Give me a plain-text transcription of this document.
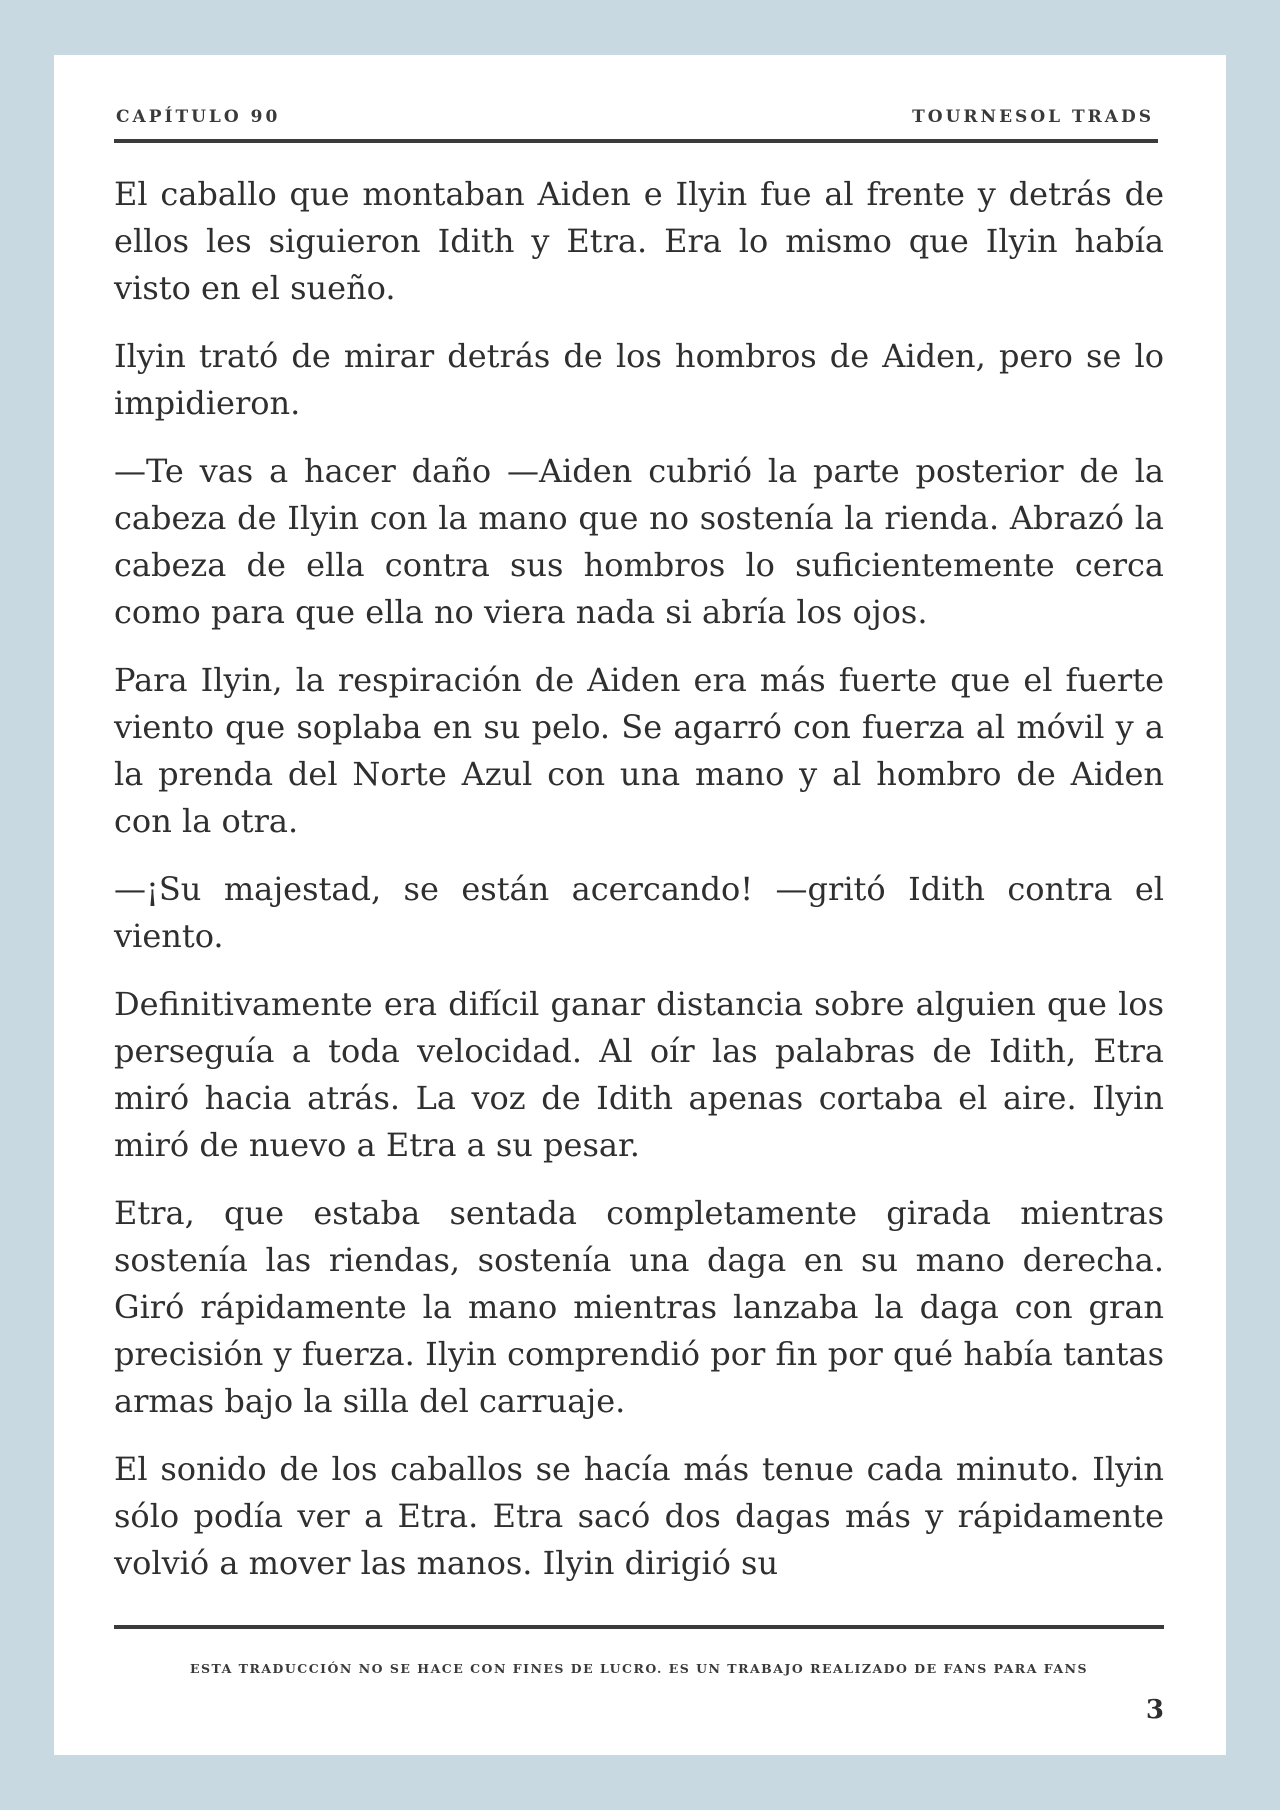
CAPÍTULO 90	TOURNESOL TRADS

El caballo que montaban Aiden e Ilyin fue al frente y detrás de ellos les siguieron Idith y Etra. Era lo mismo que Ilyin había visto en el sueño.

Ilyin trató de mirar detrás de los hombros de Aiden, pero se lo impidieron.

—Te vas a hacer daño —Aiden cubrió la parte posterior de la cabeza de Ilyin con la mano que no sostenía la rienda. Abrazó la cabeza de ella contra sus hombros lo suficientemente cerca como para que ella no viera nada si abría los ojos.

Para Ilyin, la respiración de Aiden era más fuerte que el fuerte viento que soplaba en su pelo. Se agarró con fuerza al móvil y a la prenda del Norte Azul con una mano y al hombro de Aiden con la otra.

—¡Su majestad, se están acercando! —gritó Idith contra el viento.

Definitivamente era difícil ganar distancia sobre alguien que los perseguía a toda velocidad. Al oír las palabras de Idith, Etra miró hacia atrás. La voz de Idith apenas cortaba el aire. Ilyin miró de nuevo a Etra a su pesar.

Etra, que estaba sentada completamente girada mientras sostenía las riendas, sostenía una daga en su mano derecha. Giró rápidamente la mano mientras lanzaba la daga con gran precisión y fuerza. Ilyin comprendió por fin por qué había tantas armas bajo la silla del carruaje.

El sonido de los caballos se hacía más tenue cada minuto. Ilyin sólo podía ver a Etra. Etra sacó dos dagas más y rápidamente volvió a mover las manos. Ilyin dirigió su

ESTA TRADUCCIÓN NO SE HACE CON FINES DE LUCRO. ES UN TRABAJO REALIZADO DE FANS PARA FANS
3
